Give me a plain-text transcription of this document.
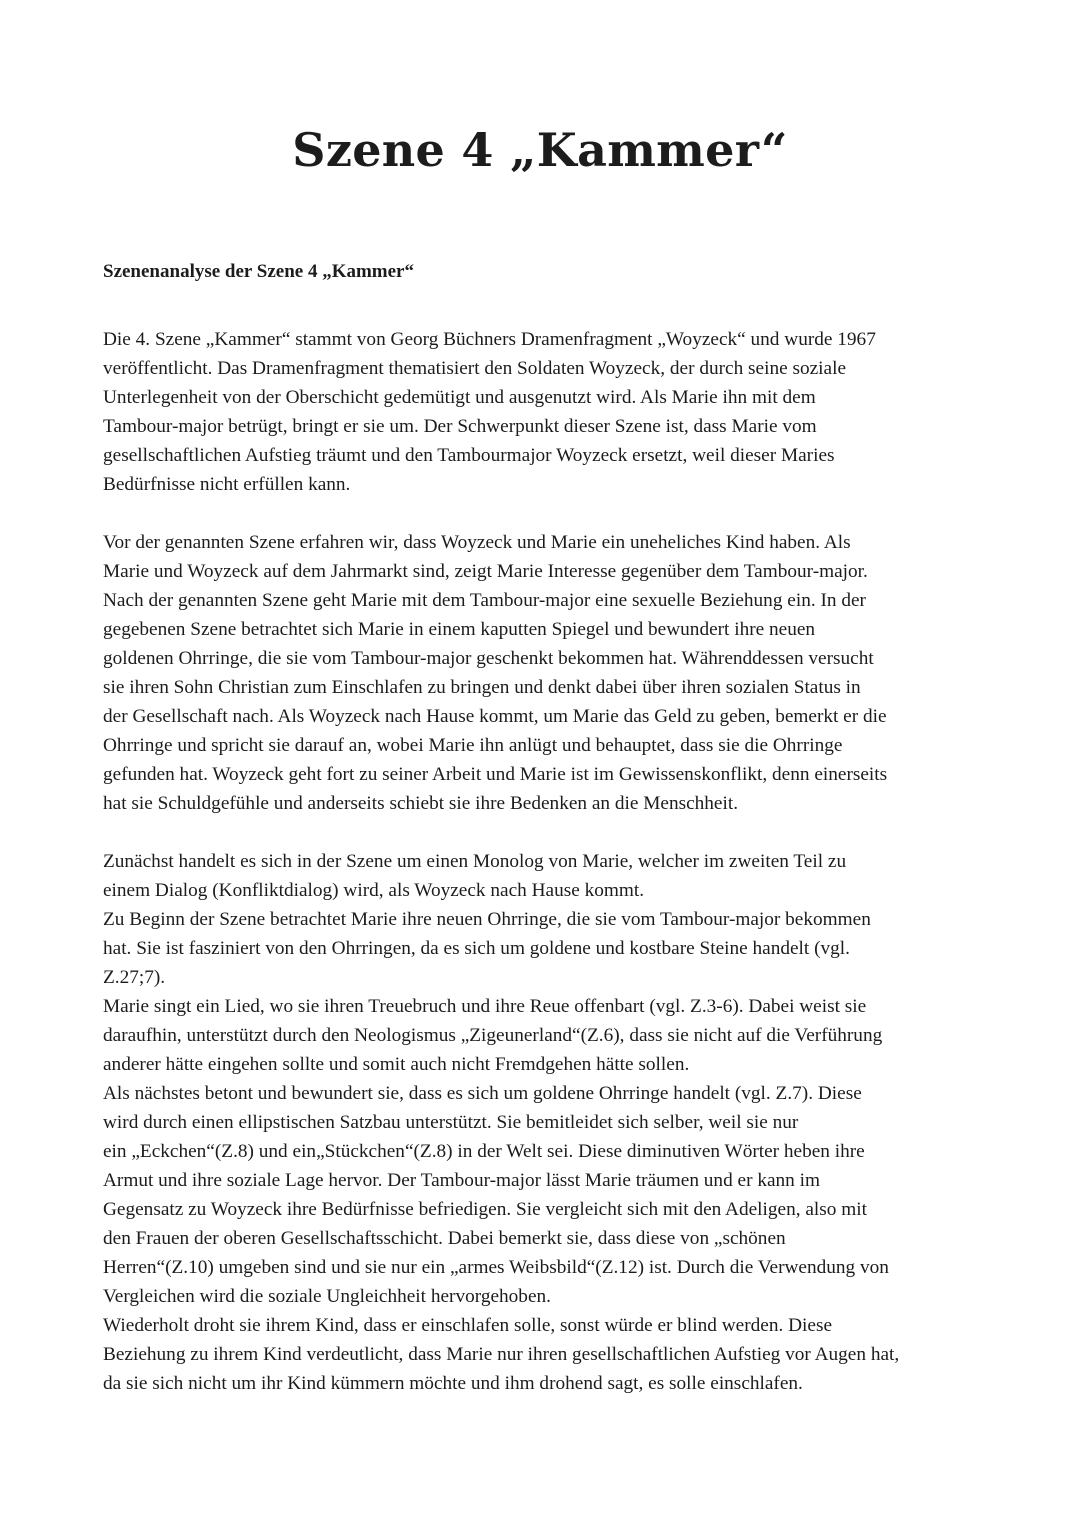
Szene 4 „Kammer“
Szenenanalyse der Szene 4 „Kammer“

Die 4. Szene „Kammer“ stammt von Georg Büchners Dramenfragment „Woyzeck“ und wurde 1967
veröffentlicht. Das Dramenfragment thematisiert den Soldaten Woyzeck, der durch seine soziale
Unterlegenheit von der Oberschicht gedemütigt und ausgenutzt wird. Als Marie ihn mit dem
Tambour-major betrügt, bringt er sie um. Der Schwerpunkt dieser Szene ist, dass Marie vom
gesellschaftlichen Aufstieg träumt und den Tambourmajor Woyzeck ersetzt, weil dieser Maries
Bedürfnisse nicht erfüllen kann.

Vor der genannten Szene erfahren wir, dass Woyzeck und Marie ein uneheliches Kind haben. Als
Marie und Woyzeck auf dem Jahrmarkt sind, zeigt Marie Interesse gegenüber dem Tambour-major.
Nach der genannten Szene geht Marie mit dem Tambour-major eine sexuelle Beziehung ein. In der
gegebenen Szene betrachtet sich Marie in einem kaputten Spiegel und bewundert ihre neuen
goldenen Ohrringe, die sie vom Tambour-major geschenkt bekommen hat. Währenddessen versucht
sie ihren Sohn Christian zum Einschlafen zu bringen und denkt dabei über ihren sozialen Status in
der Gesellschaft nach. Als Woyzeck nach Hause kommt, um Marie das Geld zu geben, bemerkt er die
Ohrringe und spricht sie darauf an, wobei Marie ihn anlügt und behauptet, dass sie die Ohrringe
gefunden hat. Woyzeck geht fort zu seiner Arbeit und Marie ist im Gewissenskonflikt, denn einerseits
hat sie Schuldgefühle und anderseits schiebt sie ihre Bedenken an die Menschheit.

Zunächst handelt es sich in der Szene um einen Monolog von Marie, welcher im zweiten Teil zu
einem Dialog (Konfliktdialog) wird, als Woyzeck nach Hause kommt.
Zu Beginn der Szene betrachtet Marie ihre neuen Ohrringe, die sie vom Tambour-major bekommen
hat. Sie ist fasziniert von den Ohrringen, da es sich um goldene und kostbare Steine handelt (vgl.
Z.27;7).
Marie singt ein Lied, wo sie ihren Treuebruch und ihre Reue offenbart (vgl. Z.3-6). Dabei weist sie
daraufhin, unterstützt durch den Neologismus „Zigeunerland“(Z.6), dass sie nicht auf die Verführung
anderer hätte eingehen sollte und somit auch nicht Fremdgehen hätte sollen.
Als nächstes betont und bewundert sie, dass es sich um goldene Ohrringe handelt (vgl. Z.7). Diese
wird durch einen ellipstischen Satzbau unterstützt. Sie bemitleidet sich selber, weil sie nur
ein „Eckchen“(Z.8) und ein„Stückchen“(Z.8) in der Welt sei. Diese diminutiven Wörter heben ihre
Armut und ihre soziale Lage hervor. Der Tambour-major lässt Marie träumen und er kann im
Gegensatz zu Woyzeck ihre Bedürfnisse befriedigen. Sie vergleicht sich mit den Adeligen, also mit
den Frauen der oberen Gesellschaftsschicht. Dabei bemerkt sie, dass diese von „schönen
Herren“(Z.10) umgeben sind und sie nur ein „armes Weibsbild“(Z.12) ist. Durch die Verwendung von
Vergleichen wird die soziale Ungleichheit hervorgehoben.
Wiederholt droht sie ihrem Kind, dass er einschlafen solle, sonst würde er blind werden. Diese
Beziehung zu ihrem Kind verdeutlicht, dass Marie nur ihren gesellschaftlichen Aufstieg vor Augen hat,
da sie sich nicht um ihr Kind kümmern möchte und ihm drohend sagt, es solle einschlafen.
